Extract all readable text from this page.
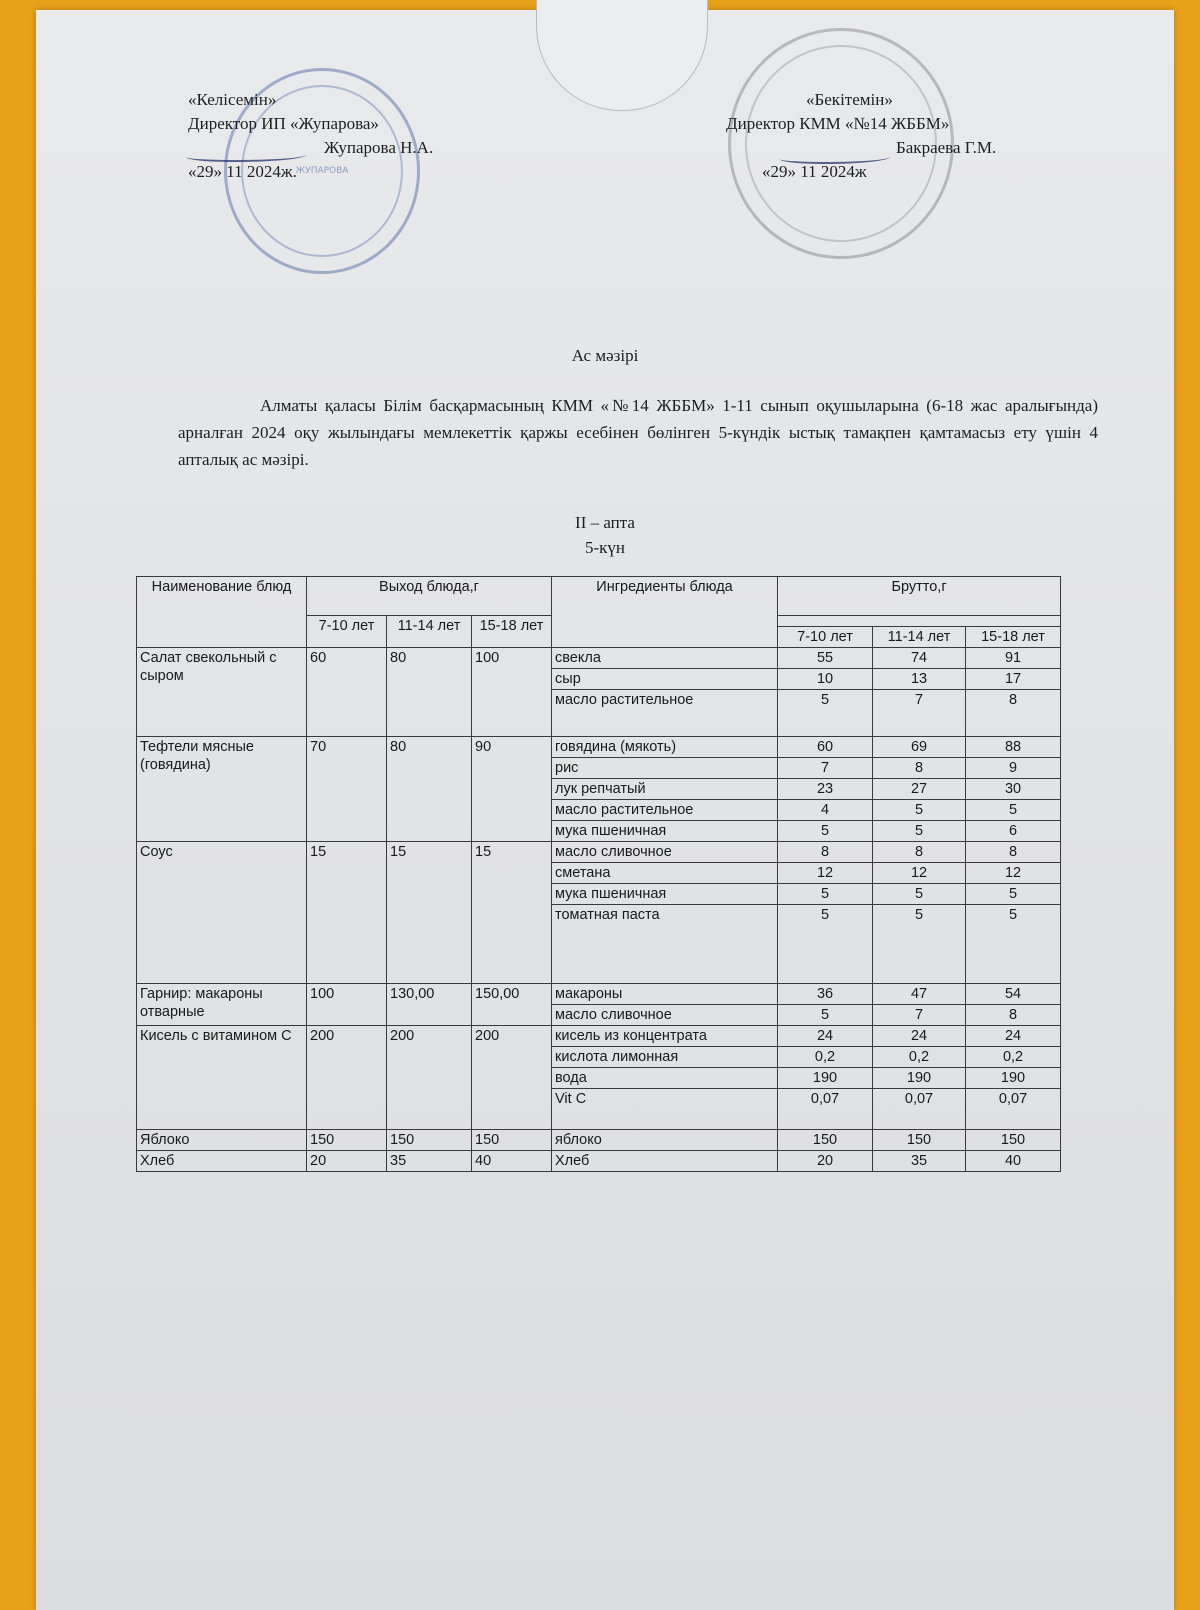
ЖУПАРОВА
«Келісемін»
Директор ИП «Жупарова»
Жупарова Н.А.
«29» 11 2024ж.
«Бекітемін»
Директор КММ «№14 ЖББМ»
Бакраева Г.М.
«29» 11 2024ж
Ас мәзірі
Алматы қаласы Білім басқармасының КММ «№14 ЖББМ» 1-11 сынып оқушыларына (6-18 жас аралығында) арналған 2024 оқу жылындағы мемлекеттік қаржы есебінен бөлінген 5-күндік ыстық тамақпен қамтамасыз ету үшін 4 апталық ас мәзірі.
II – апта
5-күн
Наименование блюд	Выход блюда,г			Ингредиенты блюда	Брутто,г		
	7-10 лет	11-14 лет	15-18 лет				
					7-10 лет	11-14 лет	15-18 лет
Салат свекольный с сыром	60	80	100	свекла	55	74	91
				сыр	10	13	17
				масло растительное	5	7	8
Тефтели мясные (говядина)	70	80	90	говядина (мякоть)	60	69	88
				рис	7	8	9
				лук репчатый	23	27	30
				масло растительное	4	5	5
				мука пшеничная	5	5	6
Соус	15	15	15	масло сливочное	8	8	8
				сметана	12	12	12
				мука пшеничная	5	5	5
				томатная паста	5	5	5
Гарнир: макароны отварные	100	130,00	150,00	макароны	36	47	54
				масло сливочное	5	7	8
Кисель с витамином С	200	200	200	кисель из концентрата	24	24	24
				кислота лимонная	0,2	0,2	0,2
				вода	190	190	190
				Vit C	0,07	0,07	0,07
Яблоко	150	150	150	яблоко	150	150	150
Хлеб	20	35	40	Хлеб	20	35	40
